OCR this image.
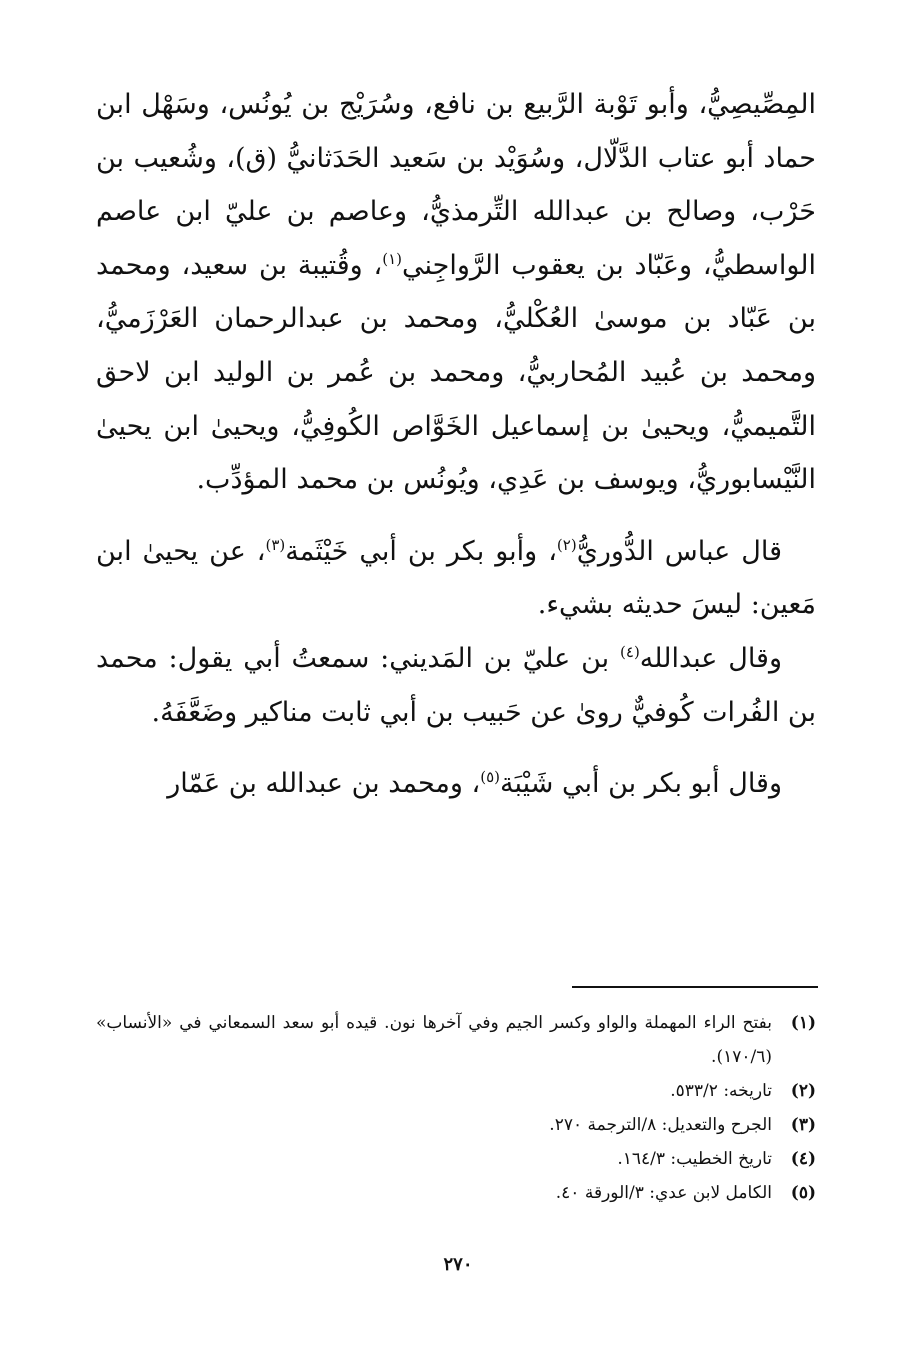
المِصِّيصِيُّ، وأبو تَوْبة الرَّبيع بن نافع، وسُرَيْج بن يُونُس، وسَهْل ابن حماد أبو عتاب الدَّلّال، وسُوَيْد بن سَعيد الحَدَثانيُّ (ق)، وشُعيب بن حَرْب، وصالح بن عبدالله التِّرمذيُّ، وعاصم بن عليّ ابن عاصم الواسطيُّ، وعَبّاد بن يعقوب الرَّواجِني$^{(١)}$، وقُتيبة بن سعيد، ومحمد بن عَبّاد بن موسىٰ العُكْليُّ، ومحمد بن عبدالرحمان العَرْزَميُّ، ومحمد بن عُبيد المُحاربيُّ، ومحمد بن عُمر بن الوليد ابن لاحق التَّميميُّ، ويحيىٰ بن إسماعيل الخَوَّاص الكُوفِيُّ، ويحيىٰ ابن يحيىٰ النَّيْسابوريُّ، ويوسف بن عَدِي، ويُونُس بن محمد المؤدِّب.

قال عباس الدُّوريُّ$^{(٢)}$، وأبو بكر بن أبي خَيْثَمة$^{(٣)}$، عن يحيىٰ ابن مَعين: ليسَ حديثه بشيء.

وقال عبدالله$^{(٤)}$ بن عليّ بن المَديني: سمعتُ أبي يقول: محمد بن الفُرات كُوفيٌّ روىٰ عن حَبيب بن أبي ثابت مناكير وضَعَّفَهُ.

وقال أبو بكر بن أبي شَيْبَة$^{(٥)}$، ومحمد بن عبدالله بن عَمّار

(١)
بفتح الراء المهملة والواو وكسر الجيم وفي آخرها نون. قيده أبو سعد السمعاني في «الأنساب» (١٧٠/٦).
(٢)
تاريخه: ٥٣٣/٢.
(٣)
الجرح والتعديل: ٨/الترجمة ٢٧٠.
(٤)
تاريخ الخطيب: ١٦٤/٣.
(٥)
الكامل لابن عدي: ٣/الورقة ٤٠.
٢٧٠
